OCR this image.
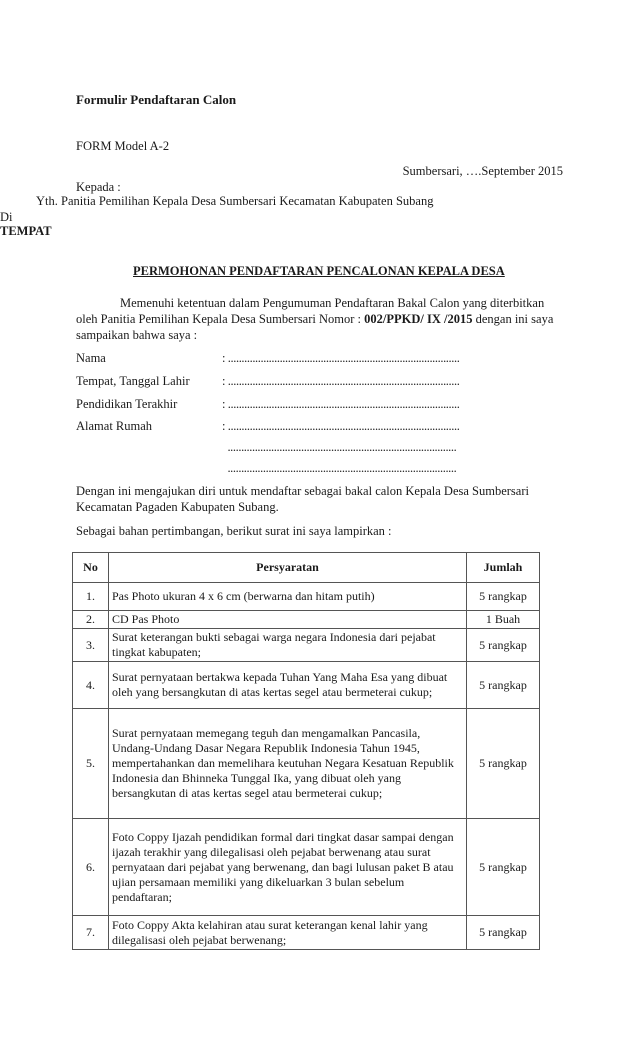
Formulir Pendaftaran Calon
FORM Model A-2
Sumbersari, ….September 2015
Kepada :
Yth. Panitia Pemilihan Kepala Desa Sumbersari Kecamatan Kabupaten Subang
Di
TEMPAT
PERMOHONAN PENDAFTARAN PENCALONAN KEPALA DESA
Memenuhi ketentuan dalam Pengumuman Pendaftaran Bakal Calon yang diterbitkan oleh Panitia Pemilihan Kepala Desa Sumbersari Nomor : 002/PPKD/ IX /2015 dengan ini saya sampaikan bahwa saya :
Nama	: .....................................................................................
Tempat, Tanggal Lahir	: .....................................................................................
Pendidikan Terakhir	: .....................................................................................
Alamat Rumah	: .....................................................................................
....................................................................................
....................................................................................
Dengan ini mengajukan diri untuk mendaftar sebagai bakal calon Kepala Desa Sumbersari Kecamatan Pagaden Kabupaten Subang.
Sebagai bahan pertimbangan, berikut surat ini saya lampirkan :
No	Persyaratan	Jumlah
1.	Pas Photo ukuran 4 x 6 cm (berwarna dan hitam putih)	5 rangkap
2.	CD Pas Photo	1 Buah
3.	Surat keterangan bukti sebagai warga negara Indonesia dari pejabat tingkat kabupaten;	5 rangkap
4.	Surat pernyataan bertakwa kepada Tuhan Yang Maha Esa yang dibuat oleh yang bersangkutan di atas kertas segel atau bermeterai cukup;	5 rangkap
5.	Surat pernyataan memegang teguh dan mengamalkan Pancasila, Undang-Undang Dasar Negara Republik Indonesia Tahun 1945, mempertahankan dan memelihara keutuhan Negara Kesatuan Republik Indonesia dan Bhinneka Tunggal Ika, yang dibuat oleh yang bersangkutan di atas kertas segel atau bermeterai cukup;	5 rangkap
6.	Foto Coppy Ijazah pendidikan formal dari tingkat dasar sampai dengan ijazah terakhir yang dilegalisasi oleh pejabat berwenang atau surat pernyataan dari pejabat yang berwenang, dan bagi lulusan paket B atau ujian persamaan memiliki yang dikeluarkan 3 bulan sebelum pendaftaran;	5 rangkap
7.	Foto Coppy Akta kelahiran atau surat keterangan kenal lahir yang dilegalisasi oleh pejabat berwenang;	5 rangkap
